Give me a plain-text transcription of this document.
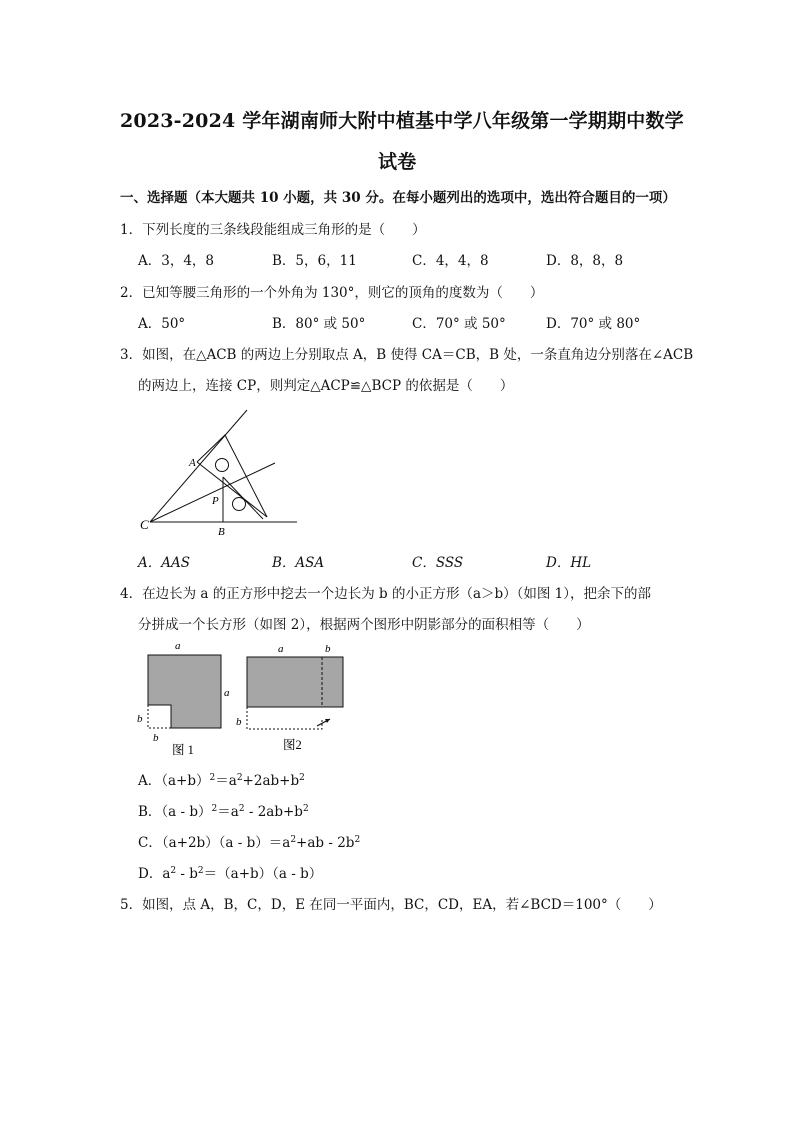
2023-2024 学年湖南师大附中植基中学八年级第一学期期中数学
试卷
一、选择题（本大题共 10 小题，共 30 分。在每小题列出的选项中，选出符合题目的一项）
1．下列长度的三条线段能组成三角形的是（　　）
A．3，4，8	B．5，6，11	C．4，4，8	D．8，8，8
2．已知等腰三角形的一个外角为 130°，则它的顶角的度数为（　　）
A．50°	B．80° 或 50°	C．70° 或 50°	D．70° 或 80°
3．如图，在△ACB 的两边上分别取点 A，B 使得 CA＝CB，B 处，一条直角边分别落在∠ACB
的两边上，连接 CP，则判定△ACP≌△BCP 的依据是（　　）
A
P
B
C
A．AAS	B．ASA	C．SSS	D．HL
4．在边长为 a 的正方形中挖去一个边长为 b 的小正方形（a＞b）（如图 1），把余下的部
分拼成一个长方形（如图 2），根据两个图形中阴影部分的面积相等（　　）
a
a
b
b
图 1
a	b
b
图2
A．$(a+b)^2=a^2+2ab+b^2$
B．$(a - b)^2=a^2 - 2ab+b^2$
C．$(a+2b)(a - b)=a^2+ab - 2b^2$
D．$a^2 - b^2=(a+b)(a - b)$
5．如图，点 A，B，C，D，E 在同一平面内，BC，CD，EA，若∠BCD＝100°（　　）
